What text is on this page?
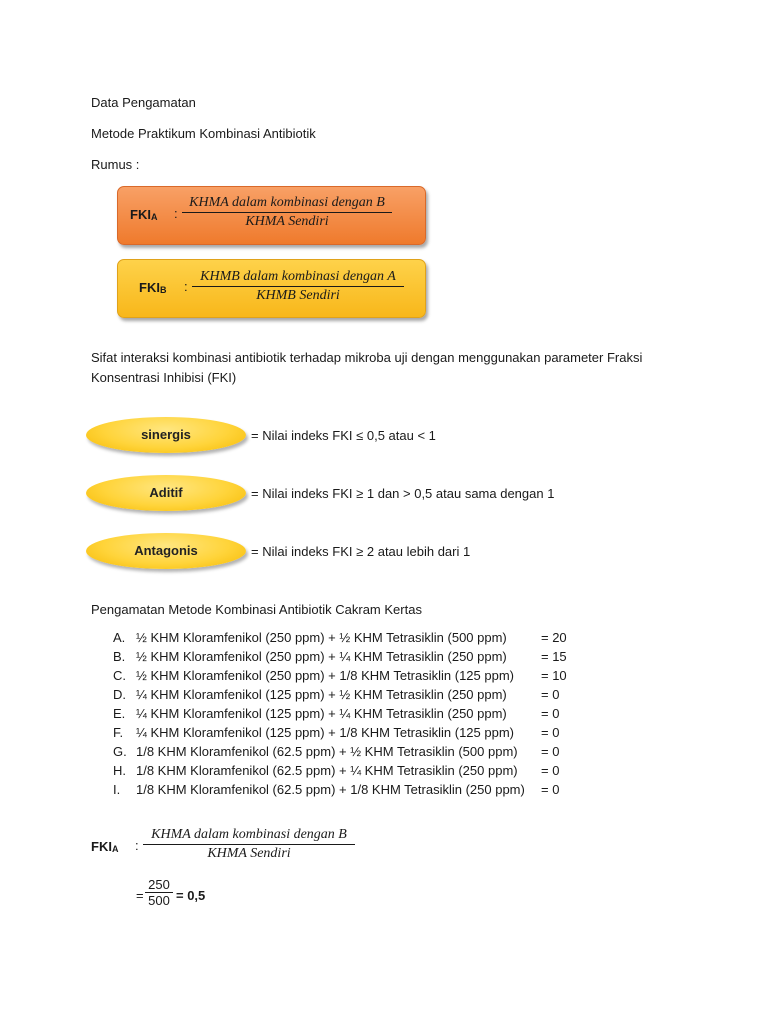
Data Pengamatan
Metode Praktikum Kombinasi Antibiotik
Rumus :
$FKI_A$ :
KHMA dalam kombinasi dengan B
KHMA Sendiri
$FKI_B$ :
KHMB dalam kombinasi dengan A
KHMB Sendiri
Sifat interaksi kombinasi antibiotik terhadap mikroba uji dengan menggunakan parameter Fraksi
Konsentrasi Inhibisi (FKI)
sinergis	= Nilai indeks FKI ≤ 0,5 atau < 1
Aditif	= Nilai indeks FKI ≥ 1 dan > 0,5 atau sama dengan 1
Antagonis	= Nilai indeks FKI ≥ 2 atau lebih dari 1
Pengamatan Metode Kombinasi Antibiotik Cakram Kertas
A. ½ KHM Kloramfenikol (250 ppm) + ½ KHM Tetrasiklin (500 ppm)	= 20
B. ½ KHM Kloramfenikol (250 ppm) + ¼ KHM Tetrasiklin (250 ppm)	= 15
C. ½ KHM Kloramfenikol (250 ppm) + 1/8 KHM Tetrasiklin (125 ppm) = 10
D. ¼ KHM Kloramfenikol (125 ppm) + ½ KHM Tetrasiklin (250 ppm)	= 0
E. ¼ KHM Kloramfenikol (125 ppm) + ¼ KHM Tetrasiklin (250 ppm)	= 0
F. ¼ KHM Kloramfenikol (125 ppm) + 1/8 KHM Tetrasiklin (125 ppm) = 0
G. 1/8 KHM Kloramfenikol (62.5 ppm) + ½ KHM Tetrasiklin (500 ppm) = 0
H. 1/8 KHM Kloramfenikol (62.5 ppm) + ¼ KHM Tetrasiklin (250 ppm) = 0
I. 1/8 KHM Kloramfenikol (62.5 ppm) + 1/8 KHM Tetrasiklin (250 ppm) = 0
$FKI_A$ :
KHMA dalam kombinasi dengan B
KHMA Sendiri
= $\frac{250}{500} = 0,5$
